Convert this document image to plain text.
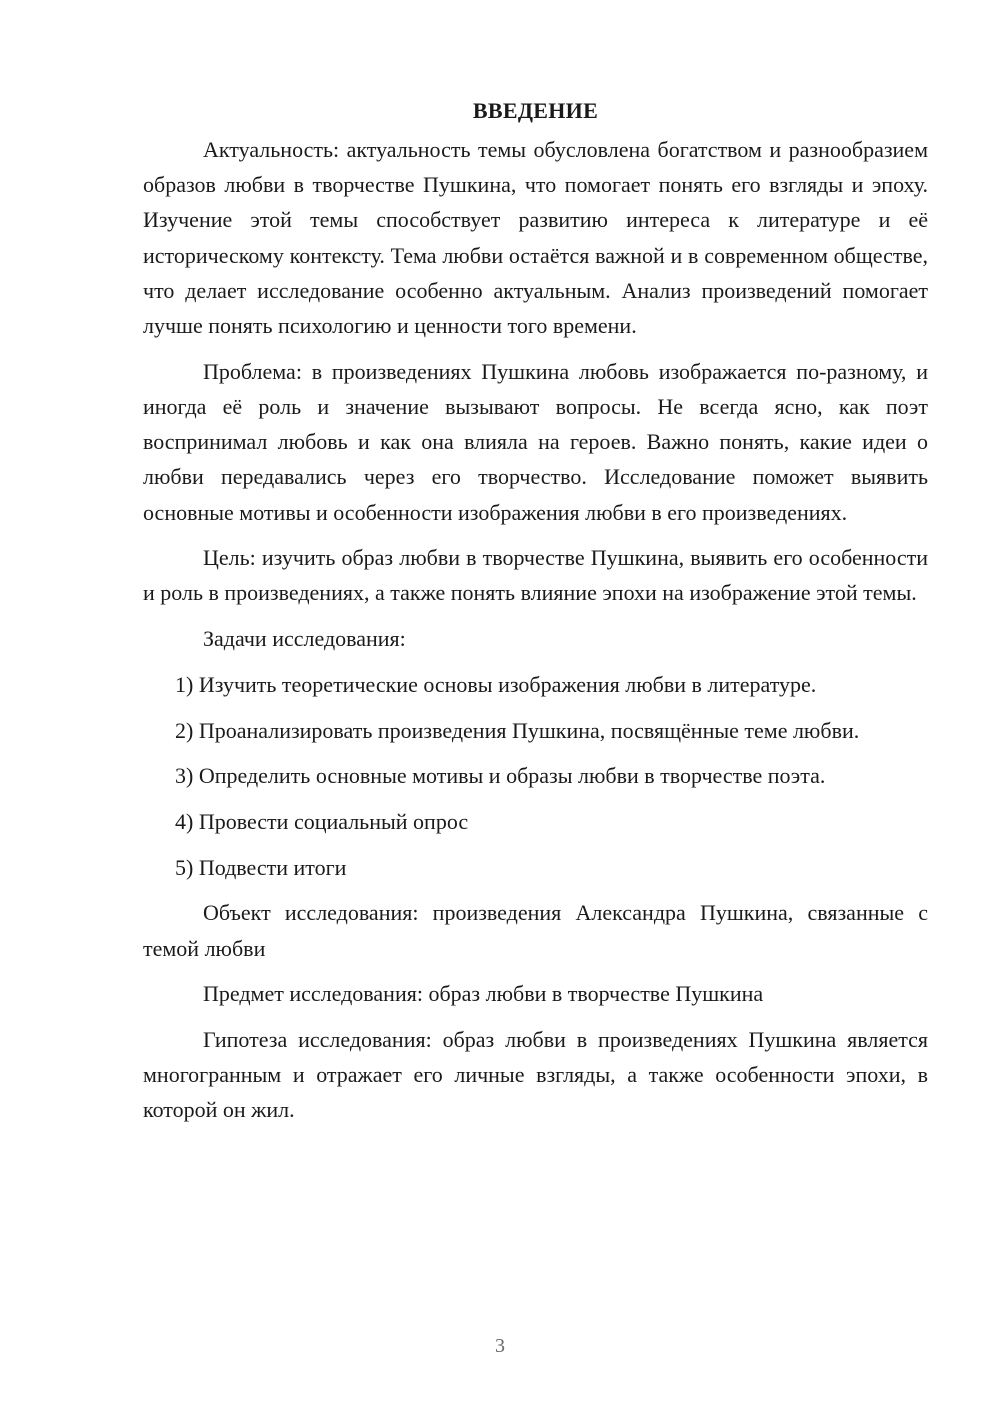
ВВЕДЕНИЕ

Актуальность: актуальность темы обусловлена богатством и разнообразием образов любви в творчестве Пушкина, что помогает понять его взгляды и эпоху. Изучение этой темы способствует развитию интереса к литературе и её историческому контексту. Тема любви остаётся важной и в современном обществе, что делает исследование особенно актуальным. Анализ произведений помогает лучше понять психологию и ценности того времени.

Проблема: в произведениях Пушкина любовь изображается по-разному, и иногда её роль и значение вызывают вопросы. Не всегда ясно, как поэт воспринимал любовь и как она влияла на героев. Важно понять, какие идеи о любви передавались через его творчество. Исследование поможет выявить основные мотивы и особенности изображения любви в его произведениях.

Цель: изучить образ любви в творчестве Пушкина, выявить его особенности и роль в произведениях, а также понять влияние эпохи на изображение этой темы.

Задачи исследования:

1) Изучить теоретические основы изображения любви в литературе.

2) Проанализировать произведения Пушкина, посвящённые теме любви.

3) Определить основные мотивы и образы любви в творчестве поэта.

4) Провести социальный опрос

5) Подвести итоги

Объект исследования: произведения Александра Пушкина, связанные с темой любви

Предмет исследования: образ любви в творчестве Пушкина

Гипотеза исследования: образ любви в произведениях Пушкина является многогранным и отражает его личные взгляды, а также особенности эпохи, в которой он жил.

3
